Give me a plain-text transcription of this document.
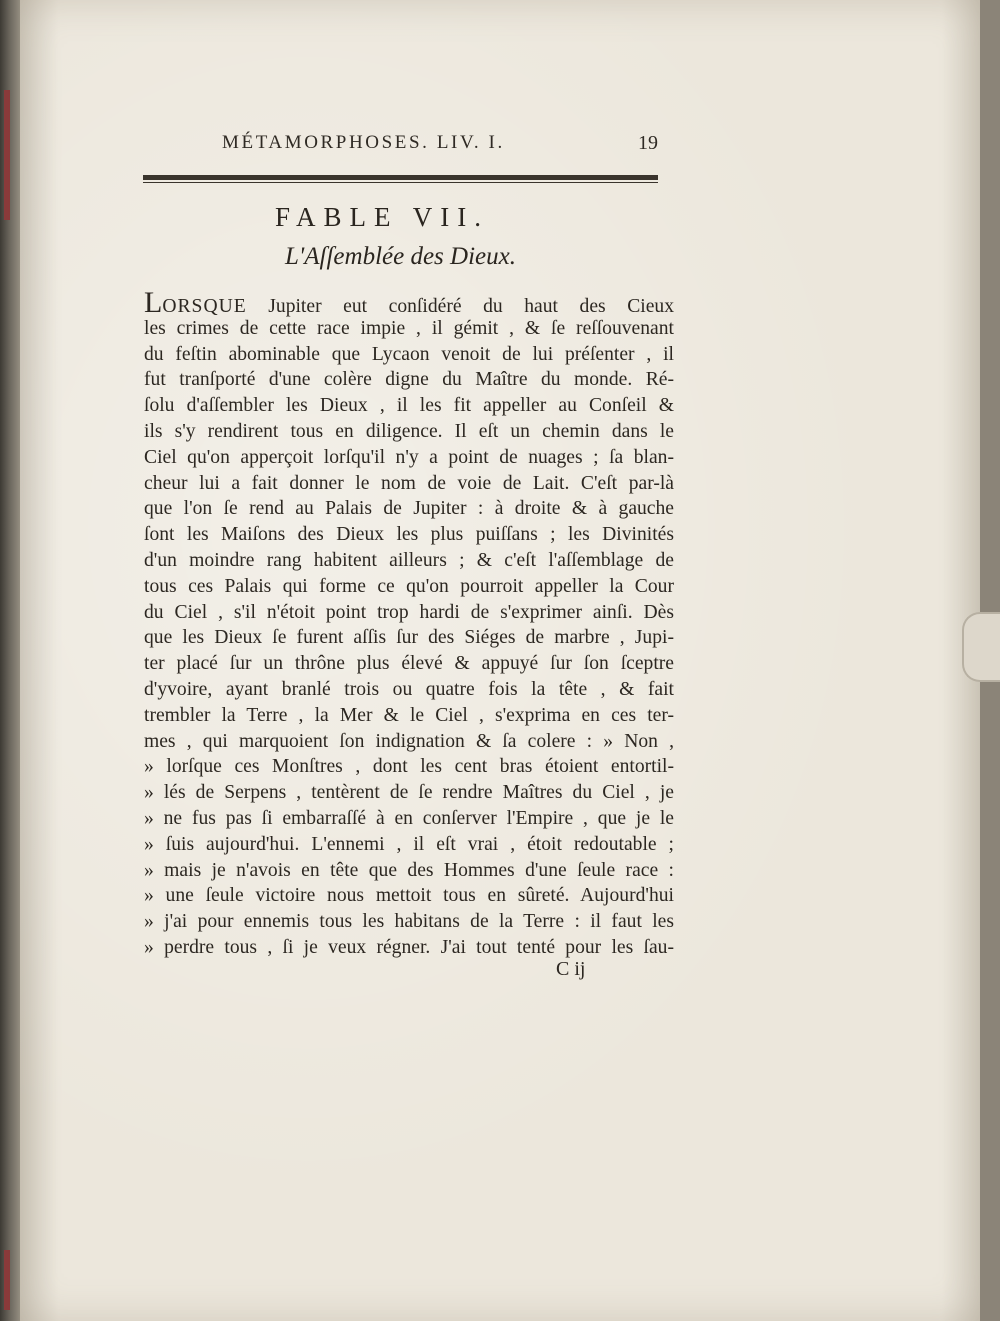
MÉTAMORPHOSES. LIV. I.	19
FABLE VII.
L'Aſſemblée des Dieux.
LORSQUE Jupiter eut conſidéré du haut des Cieux
les crimes de cette race impie , il gémit , & ſe reſſouvenant
du feſtin abominable que Lycaon venoit de lui préſenter , il
fut tranſporté d'une colère digne du Maître du monde. Ré-
ſolu d'aſſembler les Dieux , il les fit appeller au Conſeil &
ils s'y rendirent tous en diligence. Il eſt un chemin dans le
Ciel qu'on apperçoit lorſqu'il n'y a point de nuages ; ſa blan-
cheur lui a fait donner le nom de voie de Lait. C'eſt par-là
que l'on ſe rend au Palais de Jupiter : à droite & à gauche
ſont les Maiſons des Dieux les plus puiſſans ; les Divinités
d'un moindre rang habitent ailleurs ; & c'eſt l'aſſemblage de
tous ces Palais qui forme ce qu'on pourroit appeller la Cour
du Ciel , s'il n'étoit point trop hardi de s'exprimer ainſi. Dès
que les Dieux ſe furent aſſis ſur des Siéges de marbre , Jupi-
ter placé ſur un thrône plus élevé & appuyé ſur ſon ſceptre
d'yvoire, ayant branlé trois ou quatre fois la tête , & fait
trembler la Terre , la Mer & le Ciel , s'exprima en ces ter-
mes , qui marquoient ſon indignation & ſa colere : » Non ,
» lorſque ces Monſtres , dont les cent bras étoient entortil-
» lés de Serpens , tentèrent de ſe rendre Maîtres du Ciel , je
» ne fus pas ſi embarraſſé à en conſerver l'Empire , que je le
» ſuis aujourd'hui. L'ennemi , il eſt vrai , étoit redoutable ;
» mais je n'avois en tête que des Hommes d'une ſeule race :
» une ſeule victoire nous mettoit tous en sûreté. Aujourd'hui
» j'ai pour ennemis tous les habitans de la Terre : il faut les
» perdre tous , ſi je veux régner. J'ai tout tenté pour les ſau-
C ij
